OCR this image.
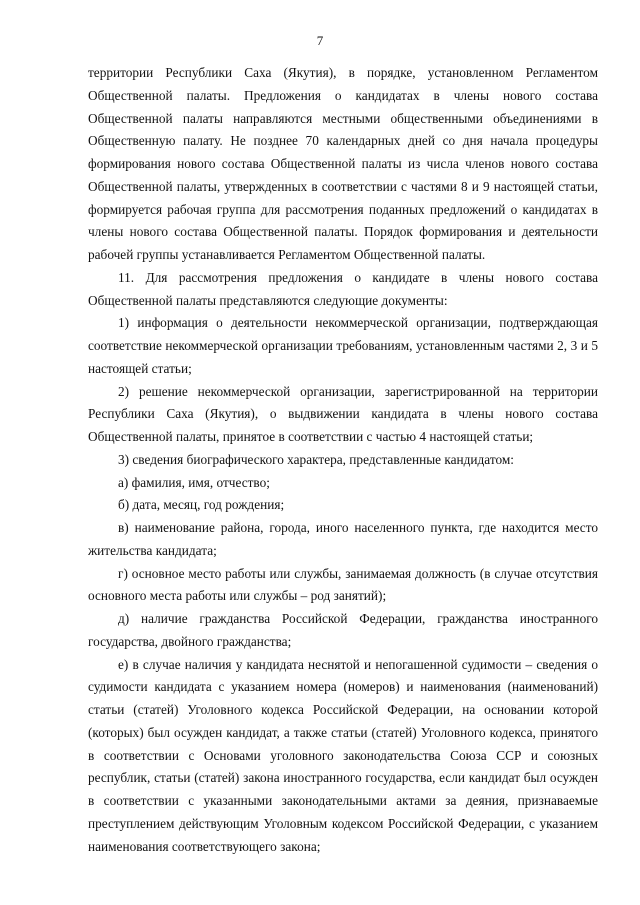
7

территории Республики Саха (Якутия), в порядке, установленном Регламентом Общественной палаты. Предложения о кандидатах в члены нового состава Общественной палаты направляются местными общественными объединениями в Общественную палату. Не позднее 70 календарных дней со дня начала процедуры формирования нового состава Общественной палаты из числа членов нового состава Общественной палаты, утвержденных в соответствии с частями 8 и 9 настоящей статьи, формируется рабочая группа для рассмотрения поданных предложений о кандидатах в члены нового состава Общественной палаты. Порядок формирования и деятельности рабочей группы устанавливается Регламентом Общественной палаты.

11. Для рассмотрения предложения о кандидате в члены нового состава Общественной палаты представляются следующие документы:

1) информация о деятельности некоммерческой организации, подтверждающая соответствие некоммерческой организации требованиям, установленным частями 2, 3 и 5 настоящей статьи;

2) решение некоммерческой организации, зарегистрированной на территории Республики Саха (Якутия), о выдвижении кандидата в члены нового состава Общественной палаты, принятое в соответствии с частью 4 настоящей статьи;

3) сведения биографического характера, представленные кандидатом:

а) фамилия, имя, отчество;

б) дата, месяц, год рождения;

в) наименование района, города, иного населенного пункта, где находится место жительства кандидата;

г) основное место работы или службы, занимаемая должность (в случае отсутствия основного места работы или службы – род занятий);

д) наличие гражданства Российской Федерации, гражданства иностранного государства, двойного гражданства;

е) в случае наличия у кандидата неснятой и непогашенной судимости – сведения о судимости кандидата с указанием номера (номеров) и наименования (наименований) статьи (статей) Уголовного кодекса Российской Федерации, на основании которой (которых) был осужден кандидат, а также статьи (статей) Уголовного кодекса, принятого в соответствии с Основами уголовного законодательства Союза ССР и союзных республик, статьи (статей) закона иностранного государства, если кандидат был осужден в соответствии с указанными законодательными актами за деяния, признаваемые преступлением действующим Уголовным кодексом Российской Федерации, с указанием наименования соответствующего закона;
